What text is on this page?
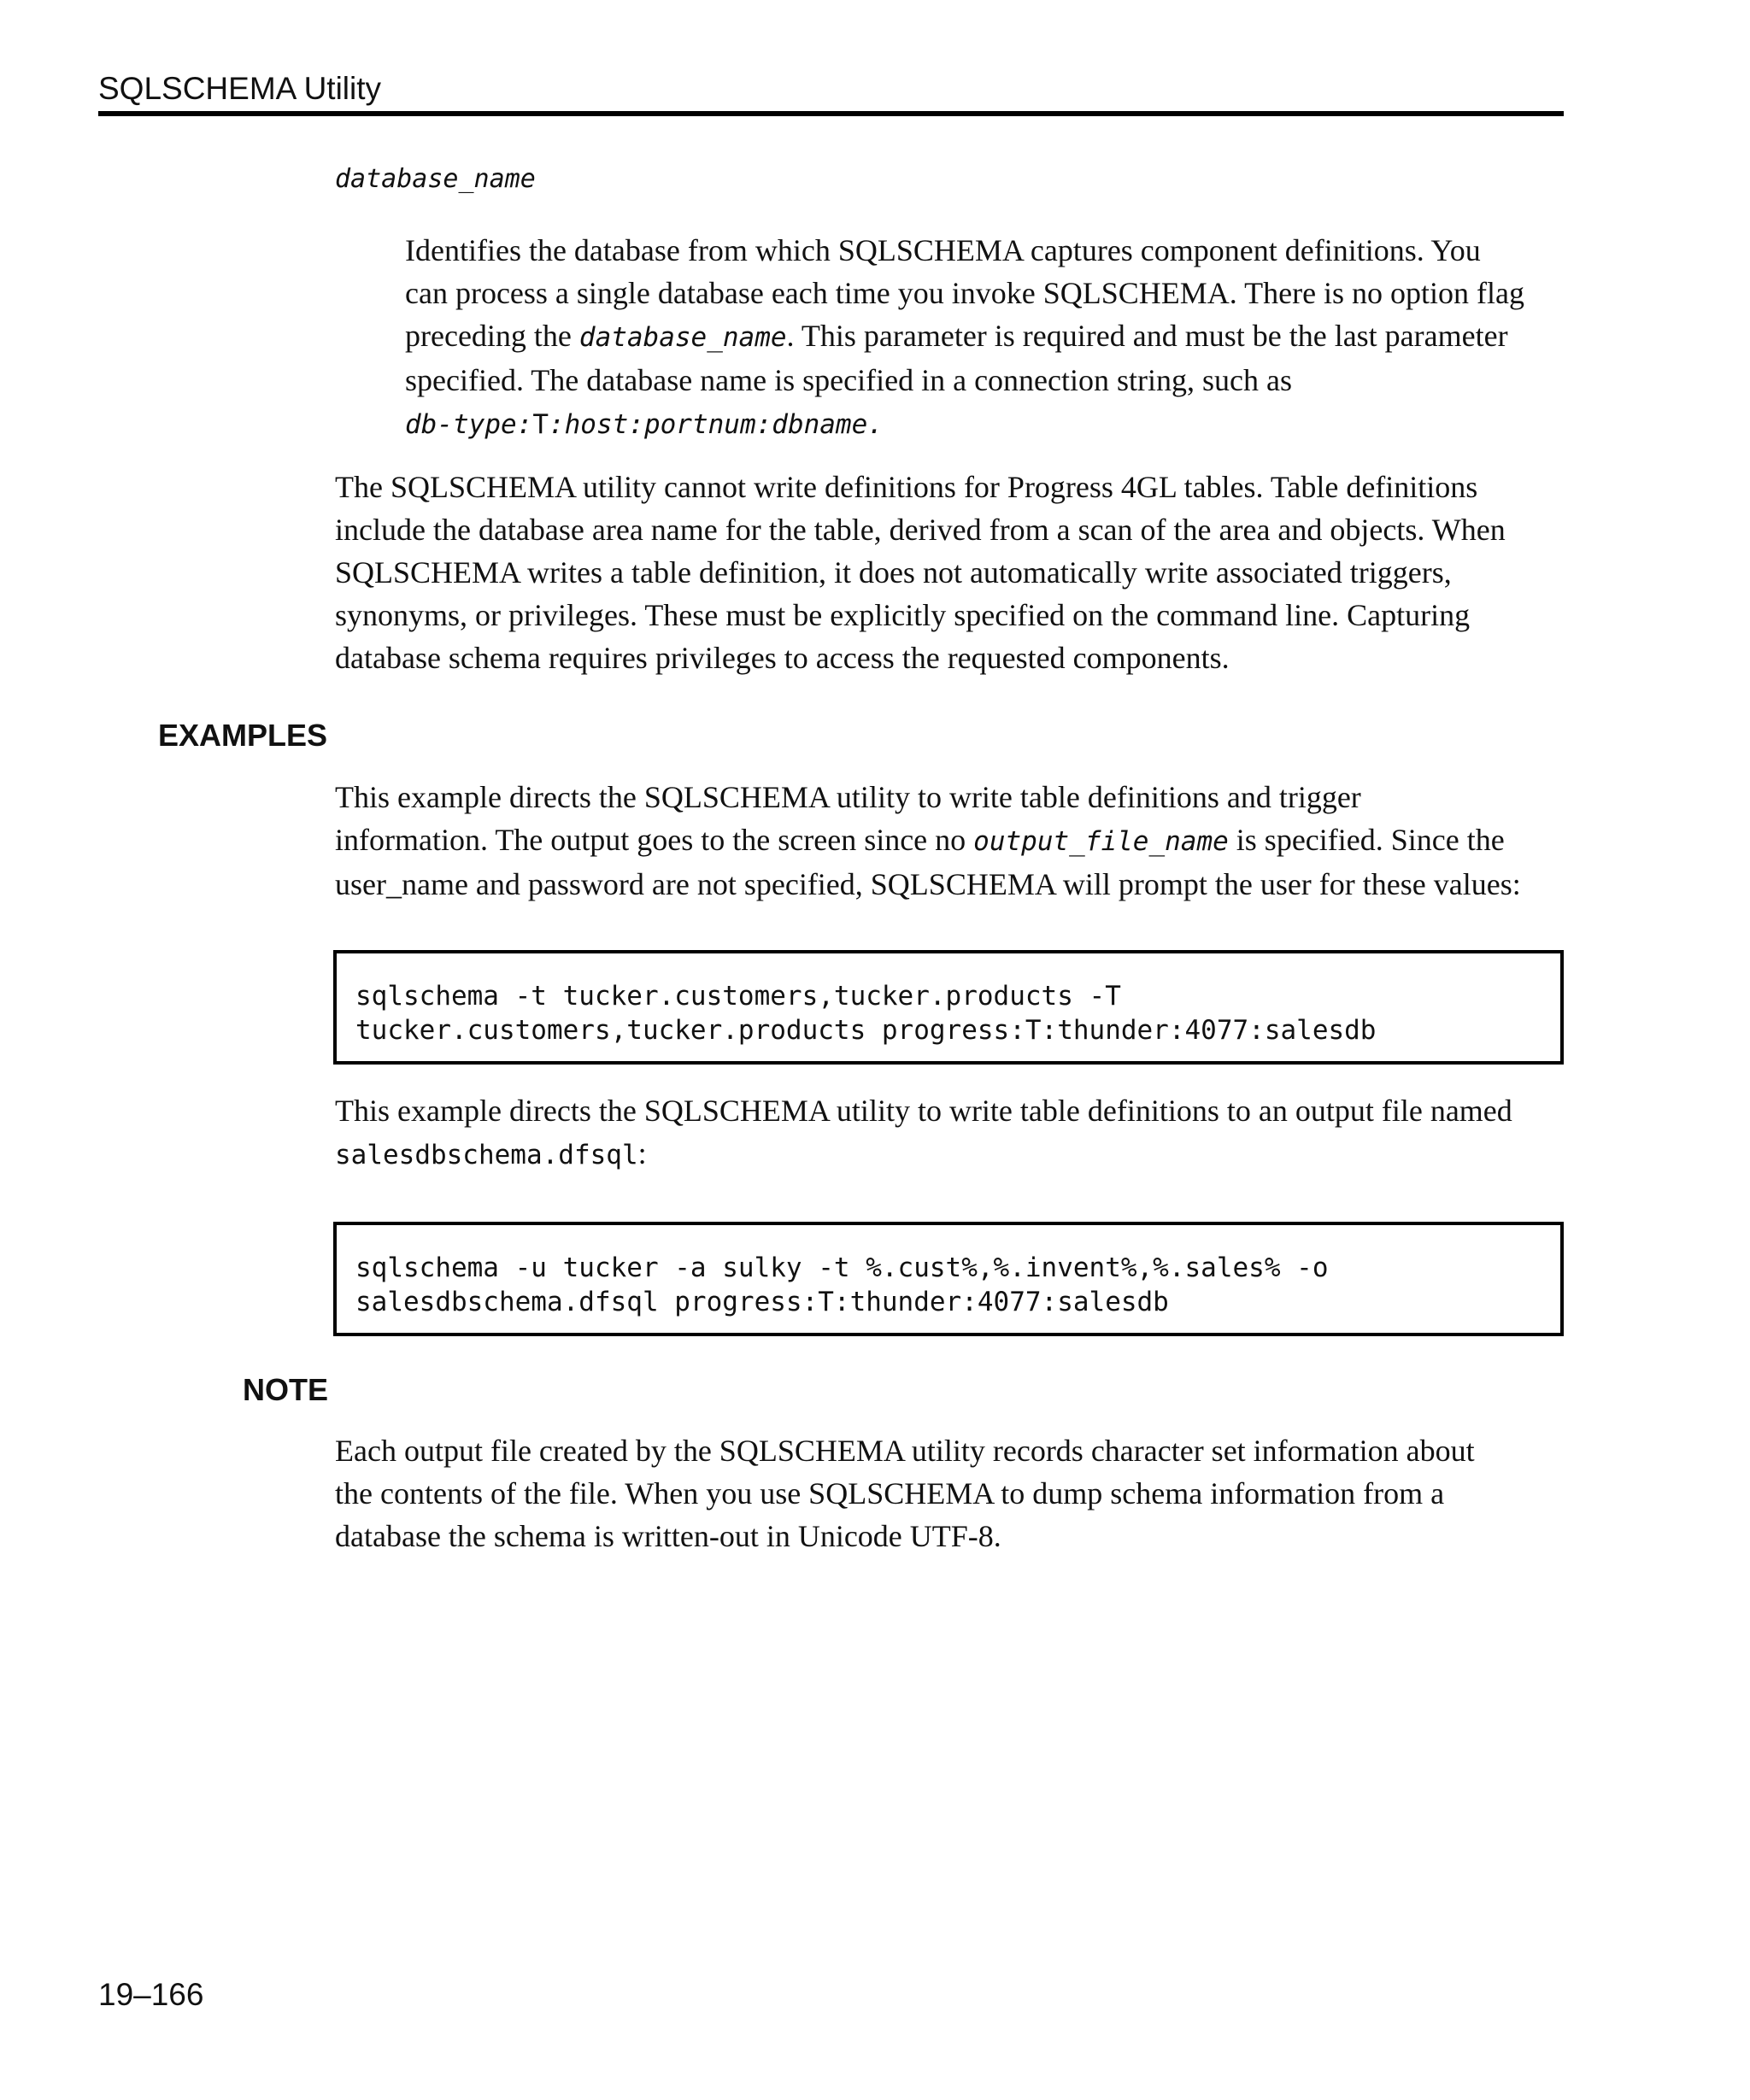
SQLSCHEMA Utility
database_name

Identifies the database from which SQLSCHEMA captures component definitions. You
can process a single database each time you invoke SQLSCHEMA. There is no option flag
preceding the database_name. This parameter is required and must be the last parameter
specified. The database name is specified in a connection string, such as
db-type:T:host:portnum:dbname.

The SQLSCHEMA utility cannot write definitions for Progress 4GL tables. Table definitions
include the database area name for the table, derived from a scan of the area and objects. When
SQLSCHEMA writes a table definition, it does not automatically write associated triggers,
synonyms, or privileges. These must be explicitly specified on the command line. Capturing
database schema requires privileges to access the requested components.

EXAMPLES

This example directs the SQLSCHEMA utility to write table definitions and trigger
information. The output goes to the screen since no output_file_name is specified. Since the
user_name and password are not specified, SQLSCHEMA will prompt the user for these values:

sqlschema -t tucker.customers,tucker.products -T
tucker.customers,tucker.products progress:T:thunder:4077:salesdb

This example directs the SQLSCHEMA utility to write table definitions to an output file named
salesdbschema.dfsql:

sqlschema -u tucker -a sulky -t %.cust%,%.invent%,%.sales% -o
salesdbschema.dfsql progress:T:thunder:4077:salesdb
NOTE

Each output file created by the SQLSCHEMA utility records character set information about
the contents of the file. When you use SQLSCHEMA to dump schema information from a
database the schema is written-out in Unicode UTF-8.

19–166
